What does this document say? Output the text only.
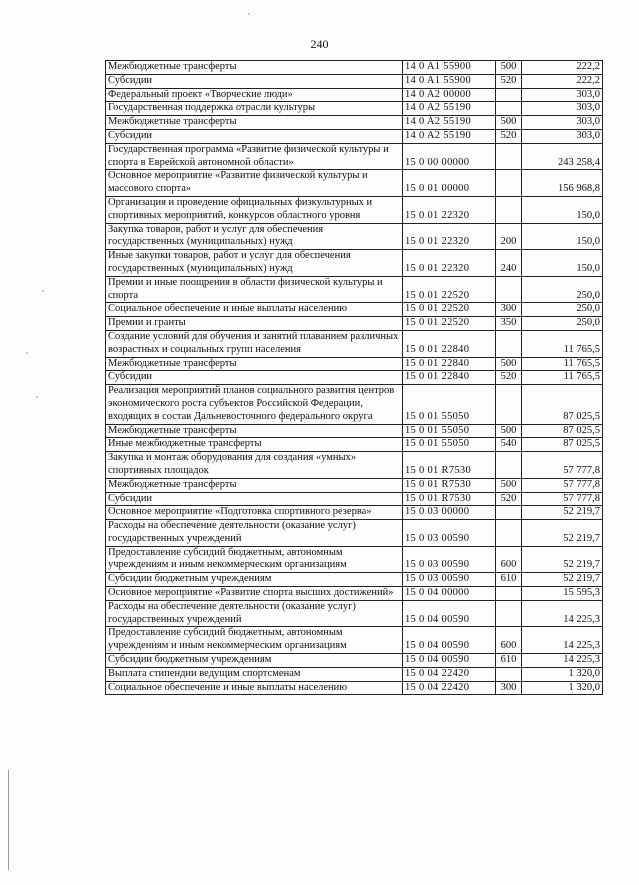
240
Межбюджетные трансферты	14 0 A1 55900	500	222,2
Субсидии	14 0 A1 55900	520	222,2
Федеральный проект «Творческие люди»	14 0 A2 00000		303,0
Государственная поддержка отрасли культуры	14 0 A2 55190		303,0
Межбюджетные трансферты	14 0 A2 55190	500	303,0
Субсидии	14 0 A2 55190	520	303,0
Государственная программа «Развитие физической культуры и спорта в Еврейской автономной области»	15 0 00 00000		243 258,4
Основное мероприятие «Развитие физической культуры и массового спорта»	15 0 01 00000		156 968,8
Организация и проведение официальных физкультурных и спортивных мероприятий, конкурсов областного уровня	15 0 01 22320		150,0
Закупка товаров, работ и услуг для обеспечения государственных (муниципальных) нужд	15 0 01 22320	200	150,0
Иные закупки товаров, работ и услуг для обеспечения государственных (муниципальных) нужд	15 0 01 22320	240	150,0
Премии и иные поощрения в области физической культуры и спорта	15 0 01 22520		250,0
Социальное обеспечение и иные выплаты населению	15 0 01 22520	300	250,0
Премии и гранты	15 0 01 22520	350	250,0
Создание условий для обучения и занятий плаванием различных возрастных и социальных групп населения	15 0 01 22840		11 765,5
Межбюджетные трансферты	15 0 01 22840	500	11 765,5
Субсидии	15 0 01 22840	520	11 765,5
Реализация мероприятий планов социального развития центров экономического роста субъектов Российской Федерации, входящих в состав Дальневосточного федерального округа	15 0 01 55050		87 025,5
Межбюджетные трансферты	15 0 01 55050	500	87 025,5
Иные межбюджетные трансферты	15 0 01 55050	540	87 025,5
Закупка и монтаж оборудования для создания «умных» спортивных площадок	15 0 01 R7530		57 777,8
Межбюджетные трансферты	15 0 01 R7530	500	57 777,8
Субсидии	15 0 01 R7530	520	57 777,8
Основное мероприятие «Подготовка спортивного резерва»	15 0 03 00000		52 219,7
Расходы на обеспечение деятельности (оказание услуг) государственных учреждений	15 0 03 00590		52 219,7
Предоставление субсидий бюджетным, автономным учреждениям и иным некоммерческим организациям	15 0 03 00590	600	52 219,7
Субсидии бюджетным учреждениям	15 0 03 00590	610	52 219,7
Основное мероприятие «Развитие спорта высших достижений»	15 0 04 00000		15 595,3
Расходы на обеспечение деятельности (оказание услуг) государственных учреждений	15 0 04 00590		14 225,3
Предоставление субсидий бюджетным, автономным учреждениям и иным некоммерческим организациям	15 0 04 00590	600	14 225,3
Субсидии бюджетным учреждениям	15 0 04 00590	610	14 225,3
Выплата стипендии ведущим спортсменам	15 0 04 22420		1 320,0
Социальное обеспечение и иные выплаты населению	15 0 04 22420	300	1 320,0
